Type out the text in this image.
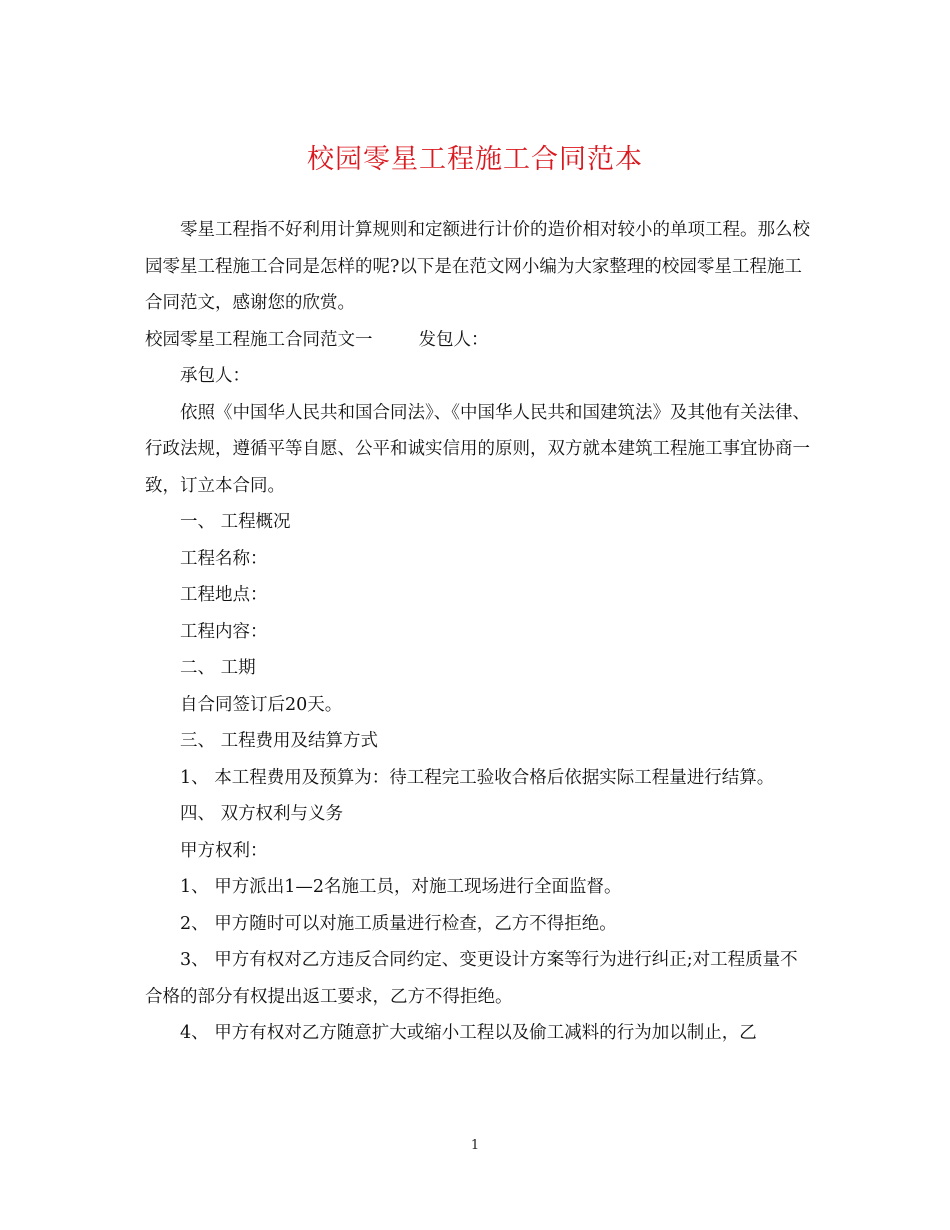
校园零星工程施工合同范本

零星工程指不好利用计算规则和定额进行计价的造价相对较小的单项工程。那么校园零星工程施工合同是怎样的呢?以下是在范文网小编为大家整理的校园零星工程施工合同范文，感谢您的欣赏。

校园零星工程施工合同范文一	发包人：

承包人：

依照《中国华人民共和国合同法》、《中国华人民共和国建筑法》及其他有关法律、行政法规，遵循平等自愿、公平和诚实信用的原则，双方就本建筑工程施工事宜协商一致，订立本合同。

一、 工程概况

工程名称：

工程地点：

工程内容：

二、 工期

自合同签订后20天。

三、 工程费用及结算方式

1、 本工程费用及预算为：待工程完工验收合格后依据实际工程量进行结算。

四、 双方权利与义务

甲方权利：

1、 甲方派出1—2名施工员，对施工现场进行全面监督。

2、 甲方随时可以对施工质量进行检查，乙方不得拒绝。

3、 甲方有权对乙方违反合同约定、变更设计方案等行为进行纠正;对工程质量不合格的部分有权提出返工要求，乙方不得拒绝。

4、 甲方有权对乙方随意扩大或缩小工程以及偷工减料的行为加以制止，乙

1
